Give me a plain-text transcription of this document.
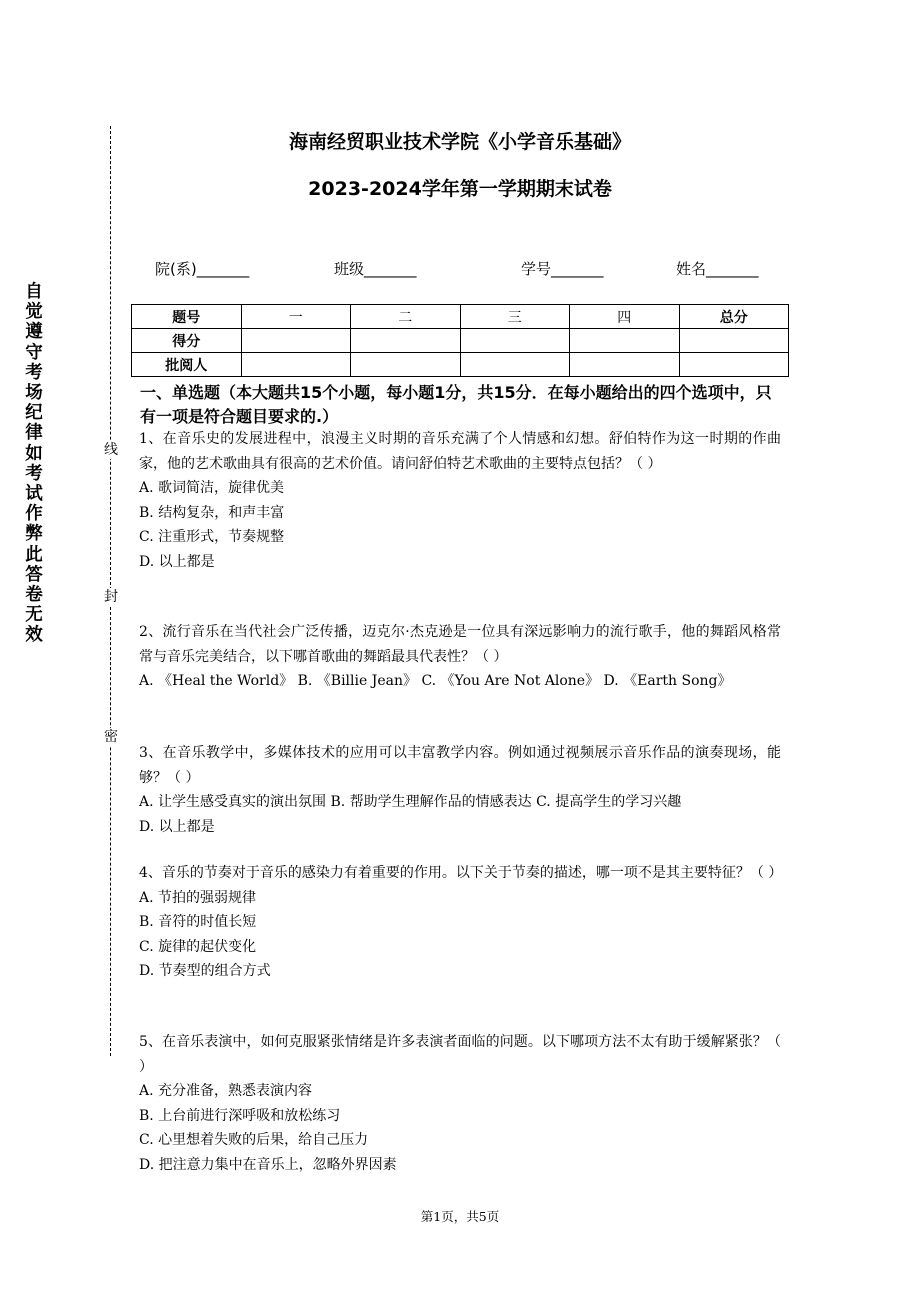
自觉遵守考场纪律如考试作弊此答卷无效
线
封
密
海南经贸职业技术学院《小学音乐基础》
2023-2024学年第一学期期末试卷
院(系)_______	班级_______	学号_______	姓名_______
题号	一	二	三	四	总分
得分					
批阅人					
一、单选题（本大题共15个小题，每小题1分，共15分．在每小题给出的四个选项中，只有一项是符合题目要求的.）

1、在音乐史的发展进程中，浪漫主义时期的音乐充满了个人情感和幻想。舒伯特作为这一时期的作曲家，他的艺术歌曲具有很高的艺术价值。请问舒伯特艺术歌曲的主要特点包括？（ ）

A. 歌词简洁，旋律优美

B. 结构复杂，和声丰富

C. 注重形式，节奏规整

D. 以上都是

2、流行音乐在当代社会广泛传播，迈克尔·杰克逊是一位具有深远影响力的流行歌手，他的舞蹈风格常常与音乐完美结合，以下哪首歌曲的舞蹈最具代表性？（ ）

A. 《Heal the World》 B. 《Billie Jean》 C. 《You Are Not Alone》 D. 《Earth Song》

3、在音乐教学中，多媒体技术的应用可以丰富教学内容。例如通过视频展示音乐作品的演奏现场，能够？（ ）

A. 让学生感受真实的演出氛围 B. 帮助学生理解作品的情感表达 C. 提高学生的学习兴趣

D. 以上都是

4、音乐的节奏对于音乐的感染力有着重要的作用。以下关于节奏的描述，哪一项不是其主要特征？（ ）

A. 节拍的强弱规律

B. 音符的时值长短

C. 旋律的起伏变化

D. 节奏型的组合方式

5、在音乐表演中，如何克服紧张情绪是许多表演者面临的问题。以下哪项方法不太有助于缓解紧张？（ ）

A. 充分准备，熟悉表演内容

B. 上台前进行深呼吸和放松练习

C. 心里想着失败的后果，给自己压力

D. 把注意力集中在音乐上，忽略外界因素

第1页，共5页
